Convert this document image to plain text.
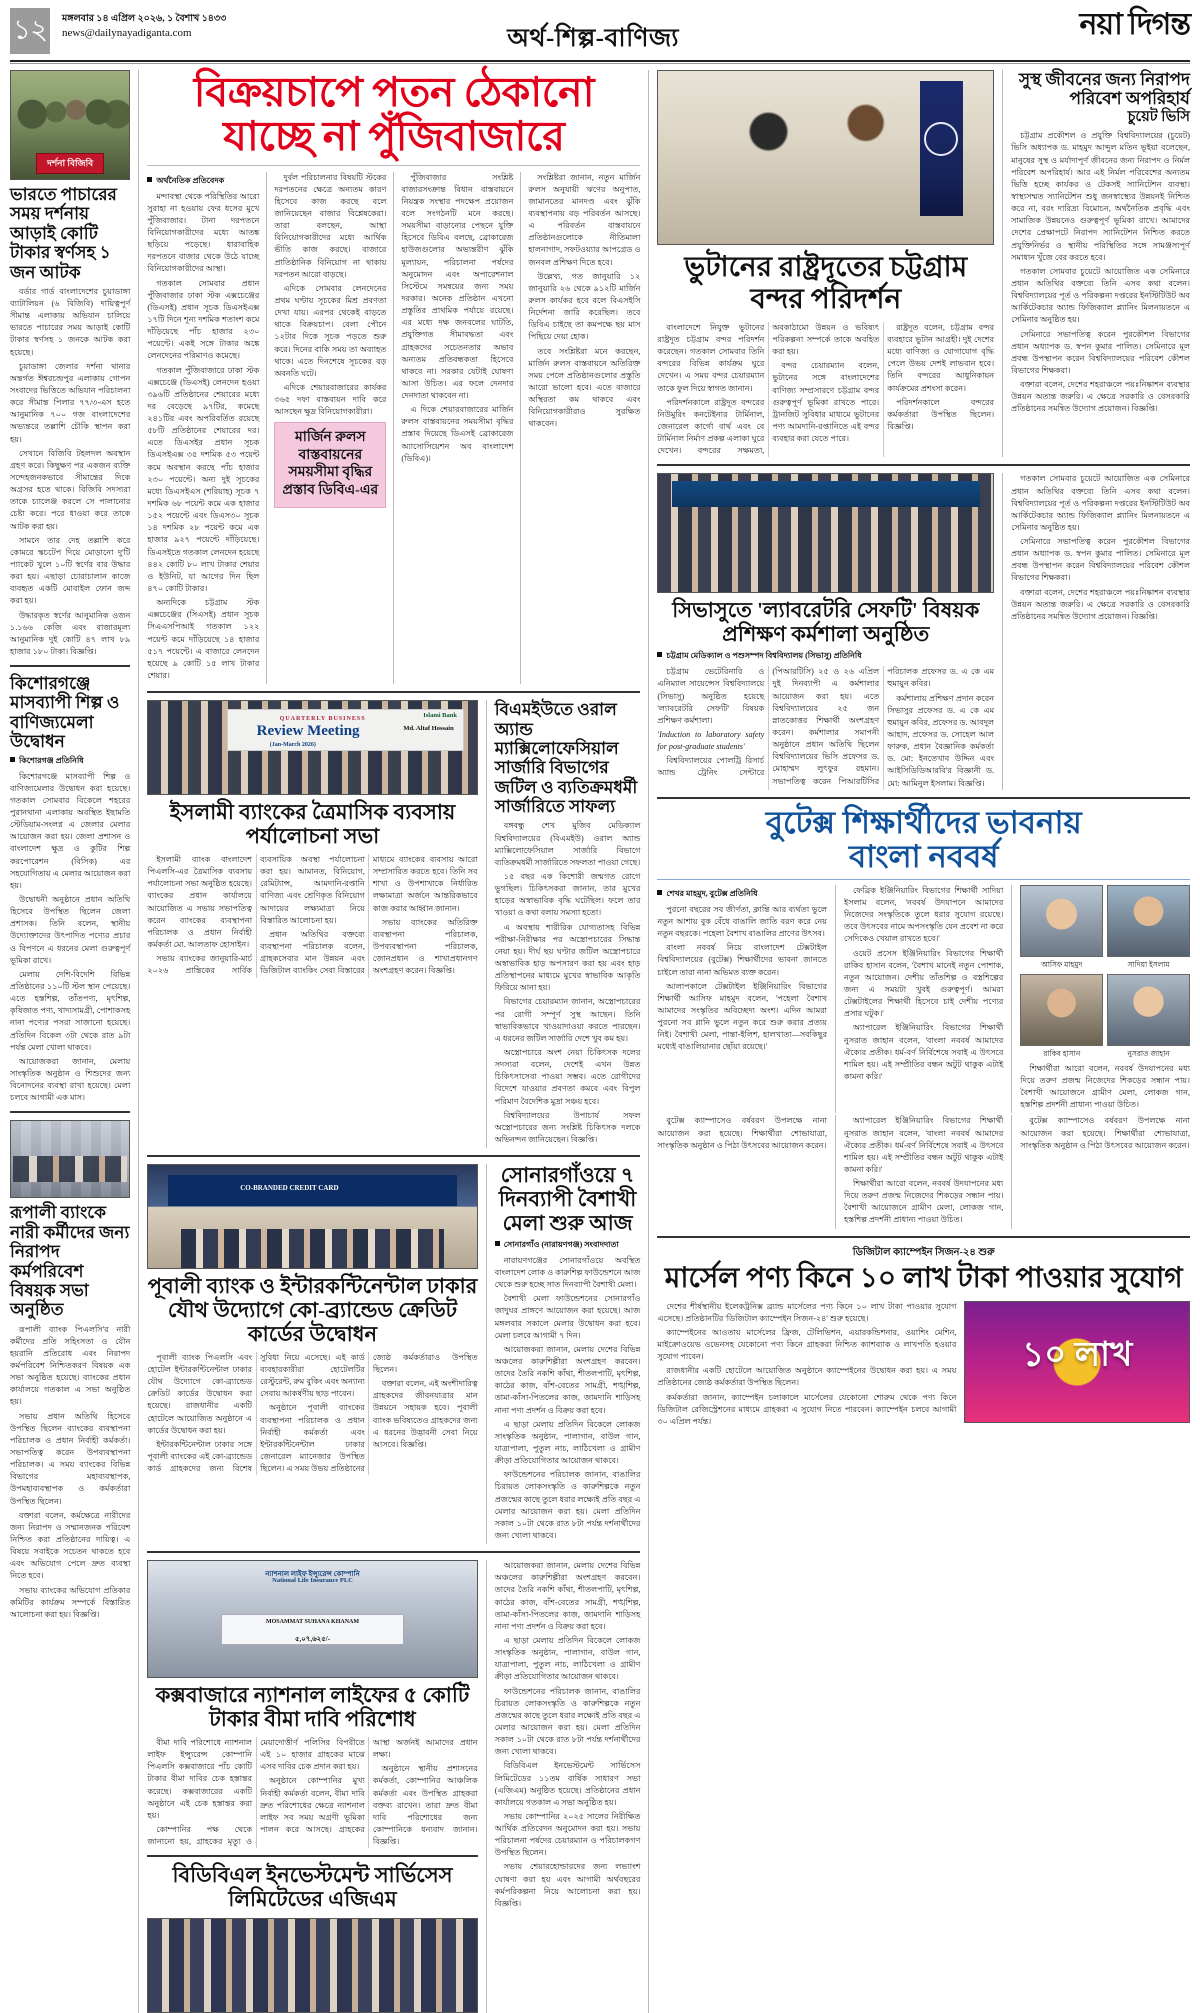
১২ মঙ্গলবার ১৪ এপ্রিল ২০২৬, ১ বৈশাখ ১৪৩৩
news@dailynayadiganta.com	অর্থ-শিল্প-বাণিজ্য	নয়া দিগন্ত
দর্শনা বিজিবি
ভারতে পাচারের সময় দর্শনায় আড়াই কোটি টাকার স্বর্ণসহ ১ জন আটক

বর্ডার গার্ড বাংলাদেশের চুয়াডাঙ্গা ব্যাটালিয়ন (৬ বিজিবি) দায়িত্বপূর্ণ সীমান্ত এলাকায় অভিযান চালিয়ে ভারতে পাচারের সময় আড়াই কোটি টাকার স্বর্ণসহ ১ জনকে আটক করা হয়েছে।

চুয়াডাঙ্গা জেলার দর্শনা থানার অন্তর্গত ঈশ্বরচন্দ্রপুর এলাকায় গোপন সংবাদের ভিত্তিতে অভিযান পরিচালনা করে সীমান্ত পিলার ৭৭/৩-এস হতে আনুমানিক ৭০০ গজ বাংলাদেশের অভ্যন্তরে তল্লাশি চৌকি স্থাপন করা হয়।

সেখানে বিজিবি টহলদল অবস্থান গ্রহণ করে। কিছুক্ষণ পর একজন ব্যক্তি সন্দেহজনকভাবে সীমান্তের দিকে অগ্রসর হতে থাকে। বিজিবি সদস্যরা তাকে চ্যালেঞ্জ করলে সে পালানোর চেষ্টা করে। পরে ধাওয়া করে তাকে আটক করা হয়।

সামনে তার দেহ তল্লাশি করে কোমরে স্কচটেপ দিয়ে মোড়ানো দু'টি প্যাকেট খুলে ১০টি স্বর্ণের বার উদ্ধার করা হয়। এছাড়া চোরাচালান কাজে ব্যবহৃত একটি মোবাইল ফোন জব্দ করা হয়।

উদ্ধারকৃত স্বর্ণের আনুমানিক ওজন ১.১৬৬ কেজি এবং বাজারমূল্য আনুমানিক দুই কোটি ৪৭ লাখ ৮৯ হাজার ১৮০ টাকা। বিজ্ঞপ্তি।

কিশোরগঞ্জে মাসব্যাপী শিল্প ও বাণিজ্যমেলা উদ্বোধন
কিশোরগঞ্জ প্রতিনিধি

কিশোরগঞ্জে মাসব্যাপী শিল্প ও বাণিজ্যমেলার উদ্বোধন করা হয়েছে। গতকাল সোমবার বিকেলে শহরের পুরানথানা এলাকায় অবস্থিত ইছামতি স্টেডিয়াম-সংলগ্ন এ জেলার মেলার আয়োজন করা হয়। জেলা প্রশাসন ও বাংলাদেশ ক্ষুদ্র ও কুটির শিল্প করপোরেশন (বিসিক) এর সহযোগিতায় এ মেলার আয়োজন করা হয়।

উদ্বোধনী অনুষ্ঠানে প্রধান অতিথি হিসেবে উপস্থিত ছিলেন জেলা প্রশাসক। তিনি বলেন, স্থানীয় উদ্যোক্তাদের উৎপাদিত পণ্যের প্রচার ও বিপণনে এ ধরনের মেলা গুরুত্বপূর্ণ ভূমিকা রাখে।

মেলায় দেশি-বিদেশি বিভিন্ন প্রতিষ্ঠানের ১১০টি স্টল স্থান পেয়েছে। এতে হস্তশিল্প, তাঁতপণ্য, মৃৎশিল্প, কৃষিজাত পণ্য, খাদ্যসামগ্রী, পোশাকসহ নানা পণ্যের পসরা সাজানো হয়েছে। প্রতিদিন বিকেল ৩টা থেকে রাত ৯টা পর্যন্ত মেলা খোলা থাকবে।

আয়োজকরা জানান, মেলায় সাংস্কৃতিক অনুষ্ঠান ও শিশুদের জন্য বিনোদনের ব্যবস্থা রাখা হয়েছে। মেলা চলবে আগামী এক মাস।

রূপালী ব্যাংকে নারী কর্মীদের জন্য নিরাপদ কর্মপরিবেশ বিষয়ক সভা অনুষ্ঠিত

রূপালী ব্যাংক পিএলসি'র নারী কর্মীদের প্রতি সহিংসতা ও যৌন হয়রানি প্রতিরোধ এবং নিরাপদ কর্মপরিবেশ নিশ্চিতকরণ বিষয়ক এক সভা অনুষ্ঠিত হয়েছে। ব্যাংকের প্রধান কার্যালয়ে গতকাল এ সভা অনুষ্ঠিত হয়।

সভায় প্রধান অতিথি হিসেবে উপস্থিত ছিলেন ব্যাংকের ব্যবস্থাপনা পরিচালক ও প্রধান নির্বাহী কর্মকর্তা। সভাপতিত্ব করেন উপব্যবস্থাপনা পরিচালক। এ সময় ব্যাংকের বিভিন্ন বিভাগের মহাব্যবস্থাপক, উপমহাব্যবস্থাপক ও কর্মকর্তারা উপস্থিত ছিলেন।

বক্তারা বলেন, কর্মক্ষেত্রে নারীদের জন্য নিরাপদ ও সম্মানজনক পরিবেশ নিশ্চিত করা প্রতিষ্ঠানের দায়িত্ব। এ বিষয়ে সবাইকে সচেতন থাকতে হবে এবং অভিযোগ পেলে দ্রুত ব্যবস্থা নিতে হবে।

সভায় ব্যাংকের অভিযোগ প্রতিকার কমিটির কার্যক্রম সম্পর্কে বিস্তারিত আলোচনা করা হয়। বিজ্ঞপ্তি।

বিক্রয়চাপে পতন ঠেকানো
যাচ্ছে না পুঁজিবাজারে
অর্থনৈতিক প্রতিবেদক

মন্দাবস্থা থেকে পরিস্থিতির আরো সুরাহা না হওয়ায় ফের ধসের মুখে পুঁজিবাজার। টানা দরপতনে বিনিয়োগকারীদের মধ্যে আতঙ্ক ছড়িয়ে পড়েছে। ধারাবাহিক দরপতনে বাজার থেকে উঠে যাচ্ছে বিনিয়োগকারীদের আস্থা।

গতকাল সোমবার প্রধান পুঁজিবাজার ঢাকা স্টক এক্সচেঞ্জের (ডিএসই) প্রধান সূচক ডিএসইএক্স ১৭টি দিনে শূন্য দশমিক শতাংশ কমে দাঁড়িয়েছে পাঁচ হাজার ২৩০ পয়েন্টে। একই সঙ্গে টাকার অঙ্কে লেনদেনের পরিমাণও কমেছে।

গতকাল পুঁজিবাজারে ঢাকা স্টক এক্সচেঞ্জে (ডিএসই) লেনদেন হওয়া ৩৯৬টি প্রতিষ্ঠানের শেয়ারের মধ্যে দর বেড়েছে ৯৭টির, কমেছে ২৪১টির এবং অপরিবর্তিত রয়েছে ৫৮টি প্রতিষ্ঠানের শেয়ারের দর। এতে ডিএসইর প্রধান সূচক ডিএসইএক্স ৩৫ দশমিক ৫৩ পয়েন্ট কমে অবস্থান করছে পাঁচ হাজার ২৩০ পয়েন্টে। অন্য দুই সূচকের মধ্যে ডিএসইএস (শরিয়াহ) সূচক ৭ দশমিক ৬৮ পয়েন্ট কমে এক হাজার ১৫২ পয়েন্টে এবং ডিএস৩০ সূচক ১৪ দশমিক ২৮ পয়েন্ট কমে এক হাজার ৯২৭ পয়েন্টে দাঁড়িয়েছে। ডিএসইতে গতকাল লেনদেন হয়েছে ৪৪২ কোটি ৮০ লাখ টাকার শেয়ার ও ইউনিট, যা আগের দিন ছিল ৪৭০ কোটি টাকার।

অন্যদিকে চট্টগ্রাম স্টক এক্সচেঞ্জের (সিএসই) প্রধান সূচক সিএএসপিআই গতকাল ১২২ পয়েন্ট কমে দাঁড়িয়েছে ১৪ হাজার ৫১৭ পয়েন্টে। এ বাজারে লেনদেন হয়েছে ৯ কোটি ১৫ লাখ টাকার শেয়ার।

দুর্বল পরিচালনার বিষয়টি স্টকের দরপতনের ক্ষেত্রে অন্যতম কারণ হিসেবে কাজ করছে বলে জানিয়েছেন বাজার বিশ্লেষকেরা। তারা বলছেন, আস্থা বিনিয়োগকারীদের মধ্যে আর্থিক ভীতি কাজ করছে। বাজারে প্রাতিষ্ঠানিক বিনিয়োগ না থাকায় দরপতন আরো বাড়ছে।

এদিকে সোমবার লেনদেনের প্রথম ঘণ্টায় সূচকের মিশ্র প্রবণতা দেখা যায়। এরপর থেকেই বাড়তে থাকে বিক্রয়চাপ। বেলা পৌনে ১২টার দিকে সূচক পড়তে শুরু করে। দিনের বাকি সময় তা অব্যাহত থাকে। এতে দিনশেষে সূচকের বড় অবনতি ঘটে।

এদিকে শেয়ারবাজারের কার্যকর ৩৬৫ দফা বাস্তবায়ন দাবি করে আসছেন ক্ষুদ্র বিনিয়োগকারীরা।

মার্জিন রুলস বাস্তবায়নের সময়সীমা বৃদ্ধির প্রস্তাব ডিবিএ-এর

পুঁজিবাজার সংশ্লিষ্ট বাজারসংক্রান্ত বিধান বাস্তবায়নে নিয়ন্ত্রক সংস্থার পদক্ষেপ প্রয়োজন বলে সংগঠনটি মনে করছে। সময়সীমা বাড়ানোর পেছনে যুক্তি হিসেবে ডিবিএ বলছে, ব্রোকারেজ হাউজগুলোর অভ্যন্তরীণ ঝুঁকি মূল্যায়ন, পরিচালনা পর্ষদের অনুমোদন এবং অপারেশনাল সিস্টেমে সমন্বয়ের জন্য সময় দরকার। অনেক প্রতিষ্ঠান এখনো প্রস্তুতির প্রাথমিক পর্যায়ে রয়েছে। এর মধ্যে দক্ষ জনবলের ঘাটতি, প্রযুক্তিগত সীমাবদ্ধতা এবং গ্রাহকদের সচেতনতার অভাব অন্যতম প্রতিবন্ধকতা হিসেবে থাকবে না। সরকার যেটাই ঘোষণা আসা উচিত। এর ফলে দেনদার দেনদাতা থাকবেন না।

এ দিকে শেয়ারবাজারের মার্জিন রুলস বাস্তবায়নের সময়সীমা বৃদ্ধির প্রস্তাব দিয়েছে ডিএসই ব্রোকারেজ অ্যাসোসিয়েশন অব বাংলাদেশ (ডিবিএ)।

সংশ্লিষ্টরা জানান, নতুন মার্জিন রুলস অনুযায়ী ঋণের অনুপাত, জামানতের মানদণ্ড এবং ঝুঁকি ব্যবস্থাপনায় বড় পরিবর্তন আসছে। এ পরিবর্তন বাস্তবায়নে প্রতিষ্ঠানগুলোকে নীতিমালা হালনাগাদ, সফটওয়্যার আপগ্রেড ও জনবল প্রশিক্ষণ দিতে হবে।

উল্লেখ্য, গত জানুয়ারি ১২ জানুয়ারি ২৬ থেকে ৯১২টি মার্জিন রুলস কার্যকর হবে বলে বিএসইসি নির্দেশনা জারি করেছিল। তবে ডিবিএ চাইছে তা কমপক্ষে ছয় মাস পিছিয়ে দেয়া হোক।

তবে সংশ্লিষ্টরা মনে করছেন, মার্জিন রুলস বাস্তবায়নে অতিরিক্ত সময় পেলে প্রতিষ্ঠানগুলোর প্রস্তুতি আরো ভালো হবে। এতে বাজারে অস্থিরতা কম থাকবে এবং বিনিয়োগকারীরাও সুরক্ষিত থাকবেন।

QUARTERLY BUSINESS
Review Meeting
(Jan-March 2026)
Islami Bank
Md. Altaf Hossain
ইসলামী ব্যাংকের ত্রৈমাসিক ব্যবসায় পর্যালোচনা সভা

ইসলামী ব্যাংক বাংলাদেশ পিএলসি-এর ত্রৈমাসিক ব্যবসায় পর্যালোচনা সভা অনুষ্ঠিত হয়েছে। ব্যাংকের প্রধান কার্যালয়ে আয়োজিত এ সভায় সভাপতিত্ব করেন ব্যাংকের ব্যবস্থাপনা পরিচালক ও প্রধান নির্বাহী কর্মকর্তা মো. আলতাফ হোসাইন।

সভায় ব্যাংকের জানুয়ারি-মার্চ ২০২৬ প্রান্তিকের সার্বিক ব্যবসায়িক অবস্থা পর্যালোচনা করা হয়। আমানত, বিনিয়োগ, রেমিট্যান্স, আমদানি-রপ্তানি বাণিজ্য এবং শ্রেণিকৃত বিনিয়োগ আদায়ের লক্ষ্যমাত্রা নিয়ে বিস্তারিত আলোচনা হয়।

প্রধান অতিথির বক্তব্যে ব্যবস্থাপনা পরিচালক বলেন, গ্রাহকসেবার মান উন্নয়ন এবং ডিজিটাল ব্যাংকিং সেবা বিস্তারের মাধ্যমে ব্যাংকের ব্যবসায় আরো সম্প্রসারিত করতে হবে। তিনি সব শাখা ও উপশাখাকে নির্ধারিত লক্ষ্যমাত্রা অর্জনে আন্তরিকভাবে কাজ করার আহ্বান জানান।

সভায় ব্যাংকের অতিরিক্ত ব্যবস্থাপনা পরিচালক, উপব্যবস্থাপনা পরিচালক, জোনপ্রধান ও শাখাপ্রধানগণ অংশগ্রহণ করেন। বিজ্ঞপ্তি।

বিএমইউতে ওরাল অ্যান্ড ম্যাক্সিলোফেসিয়াল সার্জারি বিভাগের জটিল ও ব্যতিক্রমধর্মী সার্জারিতে সাফল্য

বঙ্গবন্ধু শেখ মুজিব মেডিক্যাল বিশ্ববিদ্যালয়ের (বিএমইউ) ওরাল অ্যান্ড ম্যাক্সিলোফেসিয়াল সার্জারি বিভাগে ব্যতিক্রমধর্মী সার্জারিতে সফলতা পাওয়া গেছে।

১৫ বছর এক কিশোরী জন্মগত রোগে ভুগছিল। চিকিৎসকরা জানান, তার মুখের হাড়ের অস্বাভাবিক বৃদ্ধি ঘটেছিল। ফলে তার খাওয়া ও কথা বলায় সমস্যা হতো।

এ অবস্থায় শারীরিক যোগ্যতাসহ বিভিন্ন পরীক্ষা-নিরীক্ষার পর অস্ত্রোপচারের সিদ্ধান্ত নেয়া হয়। দীর্ঘ ছয় ঘণ্টার জটিল অস্ত্রোপচারে অস্বাভাবিক হাড় অপসারণ করা হয় এবং হাড় প্রতিস্থাপনের মাধ্যমে মুখের স্বাভাবিক আকৃতি ফিরিয়ে আনা হয়।

বিভাগের চেয়ারম্যান জানান, অস্ত্রোপচারের পর রোগী সম্পূর্ণ সুস্থ আছেন। তিনি স্বাভাবিকভাবে খাওয়াদাওয়া করতে পারছেন। এ ধরনের জটিল সার্জারি দেশে খুব কম হয়।

অস্ত্রোপচারে অংশ নেয়া চিকিৎসক দলের সদস্যরা বলেন, দেশেই এখন উন্নত চিকিৎসাসেবা পাওয়া সম্ভব। এতে রোগীদের বিদেশে যাওয়ার প্রবণতা কমবে এবং বিপুল পরিমাণ বৈদেশিক মুদ্রা সঞ্চয় হবে।

বিশ্ববিদ্যালয়ের উপাচার্য সফল অস্ত্রোপচারের জন্য সংশ্লিষ্ট চিকিৎসক দলকে অভিনন্দন জানিয়েছেন। বিজ্ঞপ্তি।

CO-BRANDED CREDIT CARD
পূবালী ব্যাংক ও ইন্টারকন্টিনেন্টাল ঢাকার যৌথ উদ্যোগে কো-ব্র্যান্ডেড ক্রেডিট কার্ডের উদ্বোধন

পূবালী ব্যাংক পিএলসি এবং হোটেল ইন্টারকন্টিনেন্টাল ঢাকার যৌথ উদ্যোগে কো-ব্র্যান্ডেড ক্রেডিট কার্ডের উদ্বোধন করা হয়েছে। রাজধানীর একটি হোটেলে আয়োজিত অনুষ্ঠানে এ কার্ডের উদ্বোধন করা হয়।

ইন্টারকন্টিনেন্টাল ঢাকার সঙ্গে পূবালী ব্যাংকের এই কো-ব্র্যান্ডেড কার্ড গ্রাহকদের জন্য বিশেষ সুবিধা নিয়ে এসেছে। এই কার্ড ব্যবহারকারীরা হোটেলটির রেস্টুরেন্ট, রুম বুকিং এবং অন্যান্য সেবায় আকর্ষণীয় ছাড় পাবেন।

অনুষ্ঠানে পূবালী ব্যাংকের ব্যবস্থাপনা পরিচালক ও প্রধান নির্বাহী কর্মকর্তা এবং ইন্টারকন্টিনেন্টাল ঢাকার জেনারেল ম্যানেজার উপস্থিত ছিলেন। এ সময় উভয় প্রতিষ্ঠানের জ্যেষ্ঠ কর্মকর্তারাও উপস্থিত ছিলেন।

বক্তারা বলেন, এই অংশীদারিত্ব গ্রাহকদের জীবনযাত্রার মান উন্নয়নে সহায়ক হবে। পূবালী ব্যাংক ভবিষ্যতেও গ্রাহকদের জন্য এ ধরনের উদ্ভাবনী সেবা নিয়ে আসবে। বিজ্ঞপ্তি।

সোনারগাঁওয়ে ৭ দিনব্যাপী বৈশাখী মেলা শুরু আজ
সোনারগাঁও (নারায়ণগঞ্জ) সংবাদদাতা

নারায়ণগঞ্জের সোনারগাঁওয়ে অবস্থিত বাংলাদেশ লোক ও কারুশিল্প ফাউন্ডেশনে আজ থেকে শুরু হচ্ছে সাত দিনব্যাপী বৈশাখী মেলা।

বৈশাখী মেলা ফাউন্ডেশনের সোনারগাঁও জাদুঘর প্রাঙ্গণে আয়োজন করা হয়েছে। আজ মঙ্গলবার সকালে মেলার উদ্বোধন করা হবে। মেলা চলবে আগামী ৭ দিন।

আয়োজকরা জানান, মেলায় দেশের বিভিন্ন অঞ্চলের কারুশিল্পীরা অংশগ্রহণ করবেন। তাদের তৈরি নকশি কাঁথা, শীতলপাটি, মৃৎশিল্প, কাঠের কাজ, বাঁশ-বেতের সামগ্রী, শঙ্খশিল্প, তামা-কাঁসা-পিতলের কাজ, জামদানি শাড়িসহ নানা পণ্য প্রদর্শন ও বিক্রয় করা হবে।

এ ছাড়া মেলায় প্রতিদিন বিকেলে লোকজ সাংস্কৃতিক অনুষ্ঠান, পালাগান, বাউল গান, যাত্রাপালা, পুতুল নাচ, লাঠিখেলা ও গ্রামীণ ক্রীড়া প্রতিযোগিতার আয়োজন থাকবে।

ফাউন্ডেশনের পরিচালক জানান, বাঙালির চিরায়ত লোকসংস্কৃতি ও কারুশিল্পকে নতুন প্রজন্মের কাছে তুলে ধরার লক্ষ্যেই প্রতি বছর এ মেলার আয়োজন করা হয়। মেলা প্রতিদিন সকাল ১০টা থেকে রাত ৮টা পর্যন্ত দর্শনার্থীদের জন্য খোলা থাকবে।

ন্যাশনাল লাইফ ইন্স্যুরেন্স কোম্পানি
National Life Insurance PLC
MOSAMMAT SUHANA KHANAM
৫,০৭,৬২৫/-
কক্সবাজারে ন্যাশনাল লাইফের ৫ কোটি টাকার বীমা দাবি পরিশোধ

বীমা দাবি পরিশোধে ন্যাশনাল লাইফ ইন্স্যুরেন্স কোম্পানি পিএলসি কক্সবাজারে পাঁচ কোটি টাকার বীমা দাবির চেক হস্তান্তর করেছে। কক্সবাজারের একটি অনুষ্ঠানে এই চেক হস্তান্তর করা হয়।

কোম্পানির পক্ষ থেকে জানানো হয়, গ্রাহকের মৃত্যু ও মেয়াদোত্তীর্ণ পলিসির বিপরীতে এই ১০ হাজার গ্রাহকের মাঝে এসব দাবির চেক প্রদান করা হয়।

অনুষ্ঠানে কোম্পানির মুখ্য নির্বাহী কর্মকর্তা বলেন, বীমা দাবি দ্রুত পরিশোধের ক্ষেত্রে ন্যাশনাল লাইফ সব সময় অগ্রণী ভূমিকা পালন করে আসছে। গ্রাহকের আস্থা অর্জনই আমাদের প্রধান লক্ষ্য।

অনুষ্ঠানে স্থানীয় প্রশাসনের কর্মকর্তা, কোম্পানির আঞ্চলিক কর্মকর্তা এবং উপস্থিত গ্রাহকরা বক্তব্য রাখেন। তারা দ্রুত বীমা দাবি পরিশোধের জন্য কোম্পানিকে ধন্যবাদ জানান। বিজ্ঞপ্তি।

বিডিবিএল ইনভেস্টমেন্ট সার্ভিসেস লিমিটেডের এজিএম

আয়োজকরা জানান, মেলায় দেশের বিভিন্ন অঞ্চলের কারুশিল্পীরা অংশগ্রহণ করবেন। তাদের তৈরি নকশি কাঁথা, শীতলপাটি, মৃৎশিল্প, কাঠের কাজ, বাঁশ-বেতের সামগ্রী, শঙ্খশিল্প, তামা-কাঁসা-পিতলের কাজ, জামদানি শাড়িসহ নানা পণ্য প্রদর্শন ও বিক্রয় করা হবে।

এ ছাড়া মেলায় প্রতিদিন বিকেলে লোকজ সাংস্কৃতিক অনুষ্ঠান, পালাগান, বাউল গান, যাত্রাপালা, পুতুল নাচ, লাঠিখেলা ও গ্রামীণ ক্রীড়া প্রতিযোগিতার আয়োজন থাকবে।

ফাউন্ডেশনের পরিচালক জানান, বাঙালির চিরায়ত লোকসংস্কৃতি ও কারুশিল্পকে নতুন প্রজন্মের কাছে তুলে ধরার লক্ষ্যেই প্রতি বছর এ মেলার আয়োজন করা হয়। মেলা প্রতিদিন সকাল ১০টা থেকে রাত ৮টা পর্যন্ত দর্শনার্থীদের জন্য খোলা থাকবে।

বিডিবিএল ইনভেস্টমেন্ট সার্ভিসেস লিমিটেডের ১১তম বার্ষিক সাধারণ সভা (এজিএম) অনুষ্ঠিত হয়েছে। প্রতিষ্ঠানের প্রধান কার্যালয়ে গতকাল এ সভা অনুষ্ঠিত হয়।

সভায় কোম্পানির ২০২৫ সালের নিরীক্ষিত আর্থিক প্রতিবেদন অনুমোদন করা হয়। সভায় পরিচালনা পর্ষদের চেয়ারম্যান ও পরিচালকগণ উপস্থিত ছিলেন।

সভায় শেয়ারহোল্ডারদের জন্য লভ্যাংশ ঘোষণা করা হয় এবং আগামী অর্থবছরের কর্মপরিকল্পনা নিয়ে আলোচনা করা হয়। বিজ্ঞপ্তি।

ভুটানের রাষ্ট্রদূতের চট্টগ্রাম
বন্দর পরিদর্শন

বাংলাদেশে নিযুক্ত ভুটানের রাষ্ট্রদূত চট্টগ্রাম বন্দর পরিদর্শন করেছেন। গতকাল সোমবার তিনি বন্দরের বিভিন্ন কার্যক্রম ঘুরে দেখেন। এ সময় বন্দর চেয়ারম্যান তাকে ফুল দিয়ে স্বাগত জানান।

পরিদর্শনকালে রাষ্ট্রদূত বন্দরের নিউমুরিং কনটেইনার টার্মিনাল, জেনারেল কার্গো বার্থ এবং বে টার্মিনাল নির্মাণ প্রকল্প এলাকা ঘুরে দেখেন। বন্দরের সক্ষমতা, অবকাঠামো উন্নয়ন ও ভবিষ্যৎ পরিকল্পনা সম্পর্কে তাকে অবহিত করা হয়।

বন্দর চেয়ারম্যান বলেন, ভুটানের সঙ্গে বাংলাদেশের বাণিজ্য সম্প্রসারণে চট্টগ্রাম বন্দর গুরুত্বপূর্ণ ভূমিকা রাখতে পারে। ট্রানজিট সুবিধার মাধ্যমে ভুটানের পণ্য আমদানি-রপ্তানিতে এই বন্দর ব্যবহার করা যেতে পারে।

রাষ্ট্রদূত বলেন, চট্টগ্রাম বন্দর ব্যবহারে ভুটান আগ্রহী। দুই দেশের মধ্যে বাণিজ্য ও যোগাযোগ বৃদ্ধি পেলে উভয় দেশই লাভবান হবে। তিনি বন্দরের আধুনিকায়ন কার্যক্রমের প্রশংসা করেন।

পরিদর্শনকালে বন্দরের কর্মকর্তারা উপস্থিত ছিলেন। বিজ্ঞপ্তি।

সুস্থ জীবনের জন্য নিরাপদ
পরিবেশ অপরিহার্য
চুয়েট ভিসি

চট্টগ্রাম প্রকৌশল ও প্রযুক্তি বিশ্ববিদ্যালয়ের (চুয়েট) ভিসি অধ্যাপক ড. মাহমুদ আব্দুল মতিন ভূইয়া বলেছেন, মানুষের সুস্থ ও মর্যাদাপূর্ণ জীবনের জন্য নিরাপদ ও নির্মল পরিবেশ অপরিহার্য। আর এই নির্মল পরিবেশের অন্যতম ভিত্তি হচ্ছে কার্যকর ও টেকসই স্যানিটেশন ব্যবস্থা। স্বাস্থ্যসম্মত স্যানিটেশন শুধু জনস্বাস্থ্যের উন্নয়নই নিশ্চিত করে না, বরং দারিদ্র্য বিমোচন, অর্থনৈতিক প্রবৃদ্ধি এবং সামাজিক উন্নয়নেও গুরুত্বপূর্ণ ভূমিকা রাখে। আমাদের দেশের প্রেক্ষাপটে নিরাপদ স্যানিটেশন নিশ্চিত করতে প্রযুক্তিনির্ভর ও স্থানীয় পরিস্থিতির সঙ্গে সামঞ্জস্যপূর্ণ সমাধান খুঁজে বের করতে হবে।

গতকাল সোমবার চুয়েটে আয়োজিত এক সেমিনারে প্রধান অতিথির বক্তব্যে তিনি এসব কথা বলেন। বিশ্ববিদ্যালয়ের পূর্ত ও পরিকল্পনা দপ্তরের ইনস্টিটিউট অব আর্কিটেকচার অ্যান্ড ফিজিক্যাল প্ল্যানিং মিলনায়তনে এ সেমিনার অনুষ্ঠিত হয়।

সেমিনারে সভাপতিত্ব করেন পুরকৌশল বিভাগের প্রধান অধ্যাপক ড. স্বপন কুমার পালিত। সেমিনারে মূল প্রবন্ধ উপস্থাপন করেন বিশ্ববিদ্যালয়ের পরিবেশ কৌশল বিভাগের শিক্ষকরা।

বক্তারা বলেন, দেশের শহরাঞ্চলে পয়ঃনিষ্কাশন ব্যবস্থার উন্নয়ন অত্যন্ত জরুরি। এ ক্ষেত্রে সরকারি ও বেসরকারি প্রতিষ্ঠানের সমন্বিত উদ্যোগ প্রয়োজন। বিজ্ঞপ্তি।

সিভাসুতে 'ল্যাবরেটরি সেফটি' বিষয়ক
প্রশিক্ষণ কর্মশালা অনুষ্ঠিত
চট্টগ্রাম মেডিক্যাল ও পশুসম্পদ বিশ্ববিদ্যালয় (সিভাসু) প্রতিনিধি

চট্টগ্রাম ভেটেরিনারি ও এনিম্যাল সায়েন্সেস বিশ্ববিদ্যালয়ে (সিভাসু) অনুষ্ঠিত হয়েছে 'ল্যাবরেটরি সেফটি' বিষয়ক প্রশিক্ষণ কর্মশালা।

'Induction to laboratory safety for post-graduate students'

বিশ্ববিদ্যালয়ের পোলট্রি রিসার্চ অ্যান্ড ট্রেনিং সেন্টারে (পিআরটিসি) ২৫ ও ২৬ এপ্রিল দুই দিনব্যাপী এ কর্মশালার আয়োজন করা হয়। এতে বিশ্ববিদ্যালয়ের ২৫ জন স্নাতকোত্তর শিক্ষার্থী অংশগ্রহণ করেন। কর্মশালার সমাপনী অনুষ্ঠানে প্রধান অতিথি ছিলেন বিশ্ববিদ্যালয়ের ভিসি প্রফেসর ড. মোহাম্মদ লুৎফুর রহমান। সভাপতিত্ব করেন পিআরটিসির পরিচালক প্রফেসর ড. এ কে এম হুমায়ুন কবির।

কর্মশালায় প্রশিক্ষণ প্রদান করেন সিভাসুর প্রফেসর ড. এ কে এম হুমায়ুন কবির, প্রফেসর ড. আবদুল আহাদ, প্রফেসর ড. সোহেল আল ফারুক, প্রধান বৈজ্ঞানিক কর্মকর্তা ড. মো: ইনতেখাব উদ্দিন এবং আইসিডিডিআরবি'র বিজ্ঞানী ড. মো: আমিনুল ইসলাম। বিজ্ঞপ্তি।

গতকাল সোমবার চুয়েটে আয়োজিত এক সেমিনারে প্রধান অতিথির বক্তব্যে তিনি এসব কথা বলেন। বিশ্ববিদ্যালয়ের পূর্ত ও পরিকল্পনা দপ্তরের ইনস্টিটিউট অব আর্কিটেকচার অ্যান্ড ফিজিক্যাল প্ল্যানিং মিলনায়তনে এ সেমিনার অনুষ্ঠিত হয়।

সেমিনারে সভাপতিত্ব করেন পুরকৌশল বিভাগের প্রধান অধ্যাপক ড. স্বপন কুমার পালিত। সেমিনারে মূল প্রবন্ধ উপস্থাপন করেন বিশ্ববিদ্যালয়ের পরিবেশ কৌশল বিভাগের শিক্ষকরা।

বক্তারা বলেন, দেশের শহরাঞ্চলে পয়ঃনিষ্কাশন ব্যবস্থার উন্নয়ন অত্যন্ত জরুরি। এ ক্ষেত্রে সরকারি ও বেসরকারি প্রতিষ্ঠানের সমন্বিত উদ্যোগ প্রয়োজন। বিজ্ঞপ্তি।

বুটেক্স শিক্ষার্থীদের ভাবনায়
বাংলা নববর্ষ
শেখর মাহমুদ, বুটেক্স প্রতিনিধি

পুরনো বছরের সব জীর্ণতা, ক্লান্তি আর ব্যর্থতা ভুলে নতুন আশায় বুক বেঁধে বাঙালি জাতি বরণ করে নেয় নতুন বছরকে। পহেলা বৈশাখ বাঙালির প্রাণের উৎসব।

বাংলা নববর্ষ নিয়ে বাংলাদেশ টেক্সটাইল বিশ্ববিদ্যালয়ের (বুটেক্স) শিক্ষার্থীদের ভাবনা জানতে চাইলে তারা নানা অভিমত ব্যক্ত করেন।

আলাপকালে টেক্সটাইল ইঞ্জিনিয়ারিং বিভাগের শিক্ষার্থী আসিফ মাহমুদ বলেন, 'পহেলা বৈশাখ আমাদের সংস্কৃতির অবিচ্ছেদ্য অংশ। এদিন আমরা পুরনো সব গ্লানি ভুলে নতুন করে শুরু করার প্রত্যয় নিই। বৈশাখী মেলা, পান্তা-ইলিশ, হালখাতা—সবকিছুর মধ্যেই বাঙালিয়ানার ছোঁয়া রয়েছে।'

ফেব্রিক ইঞ্জিনিয়ারিং বিভাগের শিক্ষার্থী সাদিয়া ইসলাম বলেন, 'নববর্ষ উদযাপনে আমাদের নিজেদের সংস্কৃতিকে তুলে ধরার সুযোগ রয়েছে। তবে উৎসবের নামে অপসংস্কৃতি যেন প্রবেশ না করে সেদিকেও খেয়াল রাখতে হবে।'

ওয়েট প্রসেস ইঞ্জিনিয়ারিং বিভাগের শিক্ষার্থী রাকিব হাসান বলেন, 'বৈশাখ মানেই নতুন পোশাক, নতুন আয়োজন। দেশীয় তাঁতশিল্প ও বস্ত্রশিল্পের জন্য এ সময়টা খুবই গুরুত্বপূর্ণ। আমরা টেক্সটাইলের শিক্ষার্থী হিসেবে চাই দেশীয় পণ্যের প্রসার ঘটুক।'

অ্যাপারেল ইঞ্জিনিয়ারিং বিভাগের শিক্ষার্থী নুসরাত জাহান বলেন, 'বাংলা নববর্ষ আমাদের ঐক্যের প্রতীক। ধর্ম-বর্ণ নির্বিশেষে সবাই এ উৎসবে শামিল হয়। এই সম্প্রীতির বন্ধন অটুট থাকুক এটাই কামনা করি।'

আসিফ মাহমুদ	সাদিয়া ইসলাম
রাকিব হাসান	নুসরাত জাহান

শিক্ষার্থীরা আরো বলেন, নববর্ষ উদযাপনের মধ্য দিয়ে তরুণ প্রজন্ম নিজেদের শিকড়ের সন্ধান পায়। বৈশাখী আয়োজনে গ্রামীণ মেলা, লোকজ গান, হস্তশিল্প প্রদর্শনী প্রাধান্য পাওয়া উচিত।

বুটেক্স ক্যাম্পাসেও বর্ষবরণ উপলক্ষে নানা আয়োজন করা হয়েছে। শিক্ষার্থীরা শোভাযাত্রা, সাংস্কৃতিক অনুষ্ঠান ও পিঠা উৎসবের আয়োজন করেন।

অ্যাপারেল ইঞ্জিনিয়ারিং বিভাগের শিক্ষার্থী নুসরাত জাহান বলেন, 'বাংলা নববর্ষ আমাদের ঐক্যের প্রতীক। ধর্ম-বর্ণ নির্বিশেষে সবাই এ উৎসবে শামিল হয়। এই সম্প্রীতির বন্ধন অটুট থাকুক এটাই কামনা করি।'

শিক্ষার্থীরা আরো বলেন, নববর্ষ উদযাপনের মধ্য দিয়ে তরুণ প্রজন্ম নিজেদের শিকড়ের সন্ধান পায়। বৈশাখী আয়োজনে গ্রামীণ মেলা, লোকজ গান, হস্তশিল্প প্রদর্শনী প্রাধান্য পাওয়া উচিত।

বুটেক্স ক্যাম্পাসেও বর্ষবরণ উপলক্ষে নানা আয়োজন করা হয়েছে। শিক্ষার্থীরা শোভাযাত্রা, সাংস্কৃতিক অনুষ্ঠান ও পিঠা উৎসবের আয়োজন করেন।

ডিজিটাল ক্যাম্পেইন সিজন-২৪ শুরু
মার্সেল পণ্য কিনে ১০ লাখ টাকা পাওয়ার সুযোগ

দেশের শীর্ষস্থানীয় ইলেকট্রনিক্স ব্র্যান্ড মার্সেলের পণ্য কিনে ১০ লাখ টাকা পাওয়ার সুযোগ এসেছে। প্রতিষ্ঠানটির 'ডিজিটাল ক্যাম্পেইন সিজন-২৪' শুরু হয়েছে।

ক্যাম্পেইনের আওতায় মার্সেলের ফ্রিজ, টেলিভিশন, এয়ারকন্ডিশনার, ওয়াশিং মেশিন, মাইক্রোওয়েভ ওভেনসহ যেকোনো পণ্য কিনে গ্রাহকরা নিশ্চিত ক্যাশব্যাক ও লাখপতি হওয়ার সুযোগ পাবেন।

রাজধানীর একটি হোটেলে আয়োজিত অনুষ্ঠানে ক্যাম্পেইনের উদ্বোধন করা হয়। এ সময় প্রতিষ্ঠানের জ্যেষ্ঠ কর্মকর্তারা উপস্থিত ছিলেন।

কর্মকর্তারা জানান, ক্যাম্পেইন চলাকালে মার্সেলের যেকোনো শোরুম থেকে পণ্য কিনে ডিজিটাল রেজিস্ট্রেশনের মাধ্যমে গ্রাহকরা এ সুযোগ নিতে পারবেন। ক্যাম্পেইন চলবে আগামী ৩০ এপ্রিল পর্যন্ত।

১০ লাখ
